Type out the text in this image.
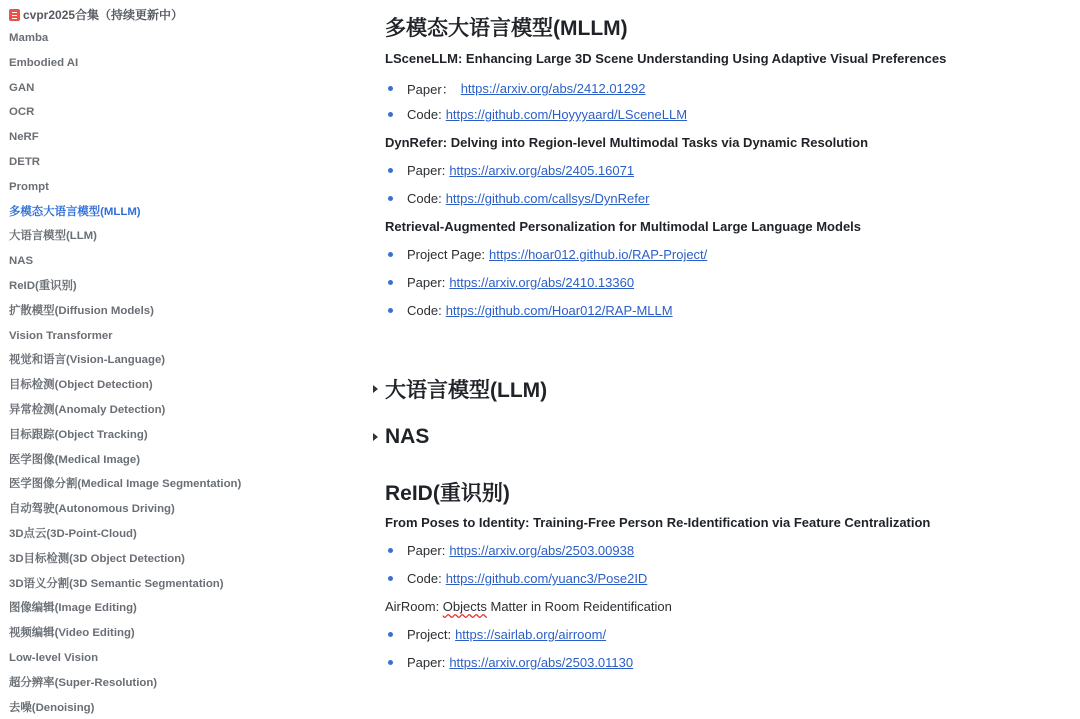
cvpr2025合集（持续更新中）
Mamba
Embodied AI
GAN
OCR
NeRF
DETR
Prompt
多模态大语言模型(MLLM)
大语言模型(LLM)
NAS
ReID(重识别)
扩散模型(Diffusion Models)
Vision Transformer
视觉和语言(Vision-Language)
目标检测(Object Detection)
异常检测(Anomaly Detection)
目标跟踪(Object Tracking)
医学图像(Medical Image)
医学图像分割(Medical Image Segmentation)
自动驾驶(Autonomous Driving)
3D点云(3D-Point-Cloud)
3D目标检测(3D Object Detection)
3D语义分割(3D Semantic Segmentation)
图像编辑(Image Editing)
视频编辑(Video Editing)
Low-level Vision
超分辨率(Super-Resolution)
去噪(Denoising)
多模态大语言模型(MLLM)
LSceneLLM: Enhancing Large 3D Scene Understanding Using Adaptive Visual Preferences
Paper： https://arxiv.org/abs/2412.01292
Code: https://github.com/Hoyyyaard/LSceneLLM
DynRefer: Delving into Region-level Multimodal Tasks via Dynamic Resolution
Paper: https://arxiv.org/abs/2405.16071
Code: https://github.com/callsys/DynRefer
Retrieval-Augmented Personalization for Multimodal Large Language Models
Project Page: https://hoar012.github.io/RAP-Project/
Paper: https://arxiv.org/abs/2410.13360
Code: https://github.com/Hoar012/RAP-MLLM
大语言模型(LLM)
NAS
ReID(重识别)
From Poses to Identity: Training-Free Person Re-Identification via Feature Centralization
Paper: https://arxiv.org/abs/2503.00938
Code: https://github.com/yuanc3/Pose2ID
AirRoom: Objects Matter in Room Reidentification
Project: https://sairlab.org/airroom/
Paper: https://arxiv.org/abs/2503.01130
